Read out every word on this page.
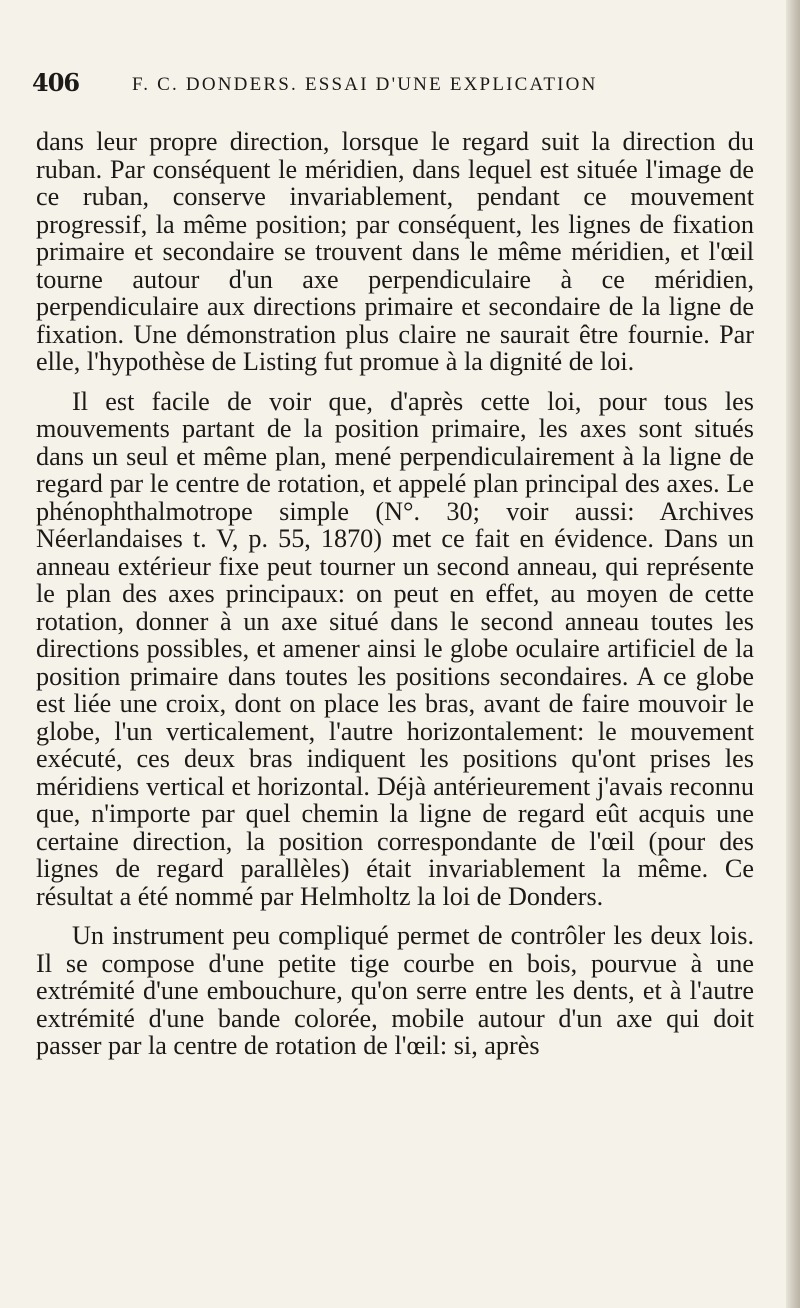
406	F. C. DONDERS. ESSAI D'UNE EXPLICATION

dans leur propre direction, lorsque le regard suit la direction du ruban. Par conséquent le méridien, dans lequel est située l'image de ce ruban, conserve invariablement, pendant ce mouvement progressif, la même position; par conséquent, les lignes de fixation primaire et secondaire se trouvent dans le même méridien, et l'œil tourne autour d'un axe perpendiculaire à ce méridien, perpendiculaire aux directions primaire et secondaire de la ligne de fixation. Une démonstration plus claire ne saurait être fournie. Par elle, l'hypothèse de Listing fut promue à la dignité de loi.

Il est facile de voir que, d'après cette loi, pour tous les mouvements partant de la position primaire, les axes sont situés dans un seul et même plan, mené perpendiculairement à la ligne de regard par le centre de rotation, et appelé plan principal des axes. Le phénophthalmotrope simple (N°. 30; voir aussi: Archives Néerlandaises t. V, p. 55, 1870) met ce fait en évidence. Dans un anneau extérieur fixe peut tourner un second anneau, qui représente le plan des axes principaux: on peut en effet, au moyen de cette rotation, donner à un axe situé dans le second anneau toutes les directions possibles, et amener ainsi le globe oculaire artificiel de la position primaire dans toutes les positions secondaires. A ce globe est liée une croix, dont on place les bras, avant de faire mouvoir le globe, l'un verticalement, l'autre horizontalement: le mouvement exécuté, ces deux bras indiquent les positions qu'ont prises les méridiens vertical et horizontal. Déjà antérieurement j'avais reconnu que, n'importe par quel chemin la ligne de regard eût acquis une certaine direction, la position correspondante de l'œil (pour des lignes de regard parallèles) était invariablement la même. Ce résultat a été nommé par Helmholtz la loi de Donders.

Un instrument peu compliqué permet de contrôler les deux lois. Il se compose d'une petite tige courbe en bois, pourvue à une extrémité d'une embouchure, qu'on serre entre les dents, et à l'autre extrémité d'une bande colorée, mobile autour d'un axe qui doit passer par la centre de rotation de l'œil: si, après
